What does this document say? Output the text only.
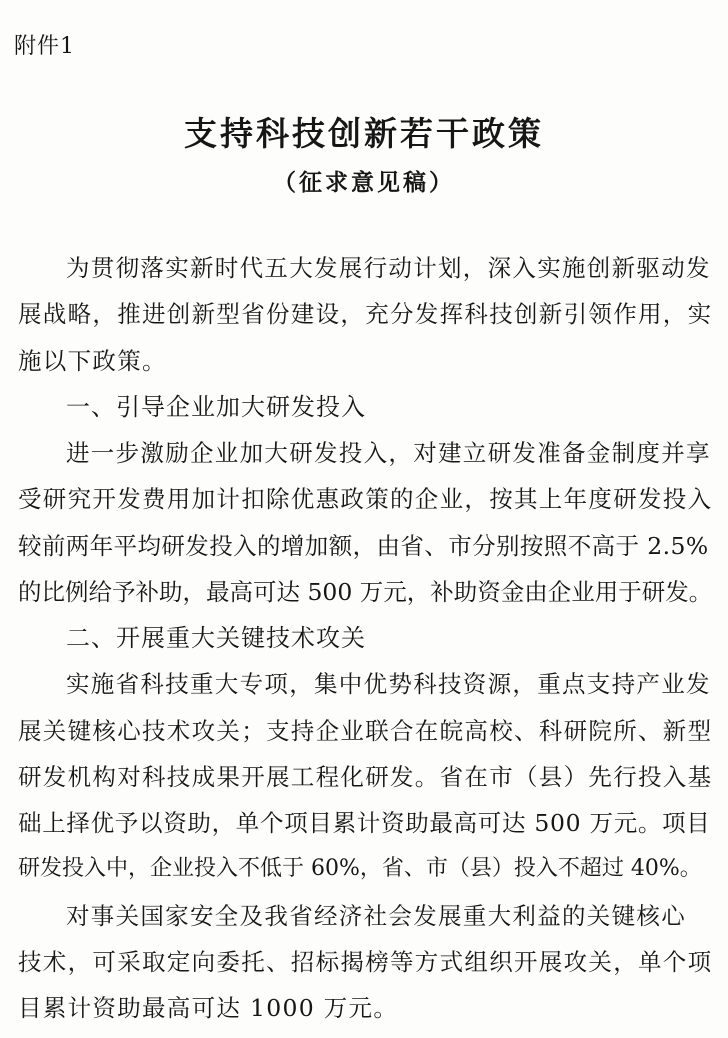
附件1
支持科技创新若干政策
（征求意见稿）
为贯彻落实新时代五大发展行动计划，深入实施创新驱动发
展战略，推进创新型省份建设，充分发挥科技创新引领作用，实
施以下政策。
一、引导企业加大研发投入
进一步激励企业加大研发投入，对建立研发准备金制度并享
受研究开发费用加计扣除优惠政策的企业，按其上年度研发投入
较前两年平均研发投入的增加额，由省、市分别按照不高于 2.5%
的比例给予补助，最高可达 500 万元，补助资金由企业用于研发。
二、开展重大关键技术攻关
实施省科技重大专项，集中优势科技资源，重点支持产业发
展关键核心技术攻关；支持企业联合在皖高校、科研院所、新型
研发机构对科技成果开展工程化研发。省在市（县）先行投入基
础上择优予以资助，单个项目累计资助最高可达 500 万元。项目
研发投入中，企业投入不低于 60%，省、市（县）投入不超过 40%。
对事关国家安全及我省经济社会发展重大利益的关键核心
技术，可采取定向委托、招标揭榜等方式组织开展攻关，单个项
目累计资助最高可达 1000 万元。
